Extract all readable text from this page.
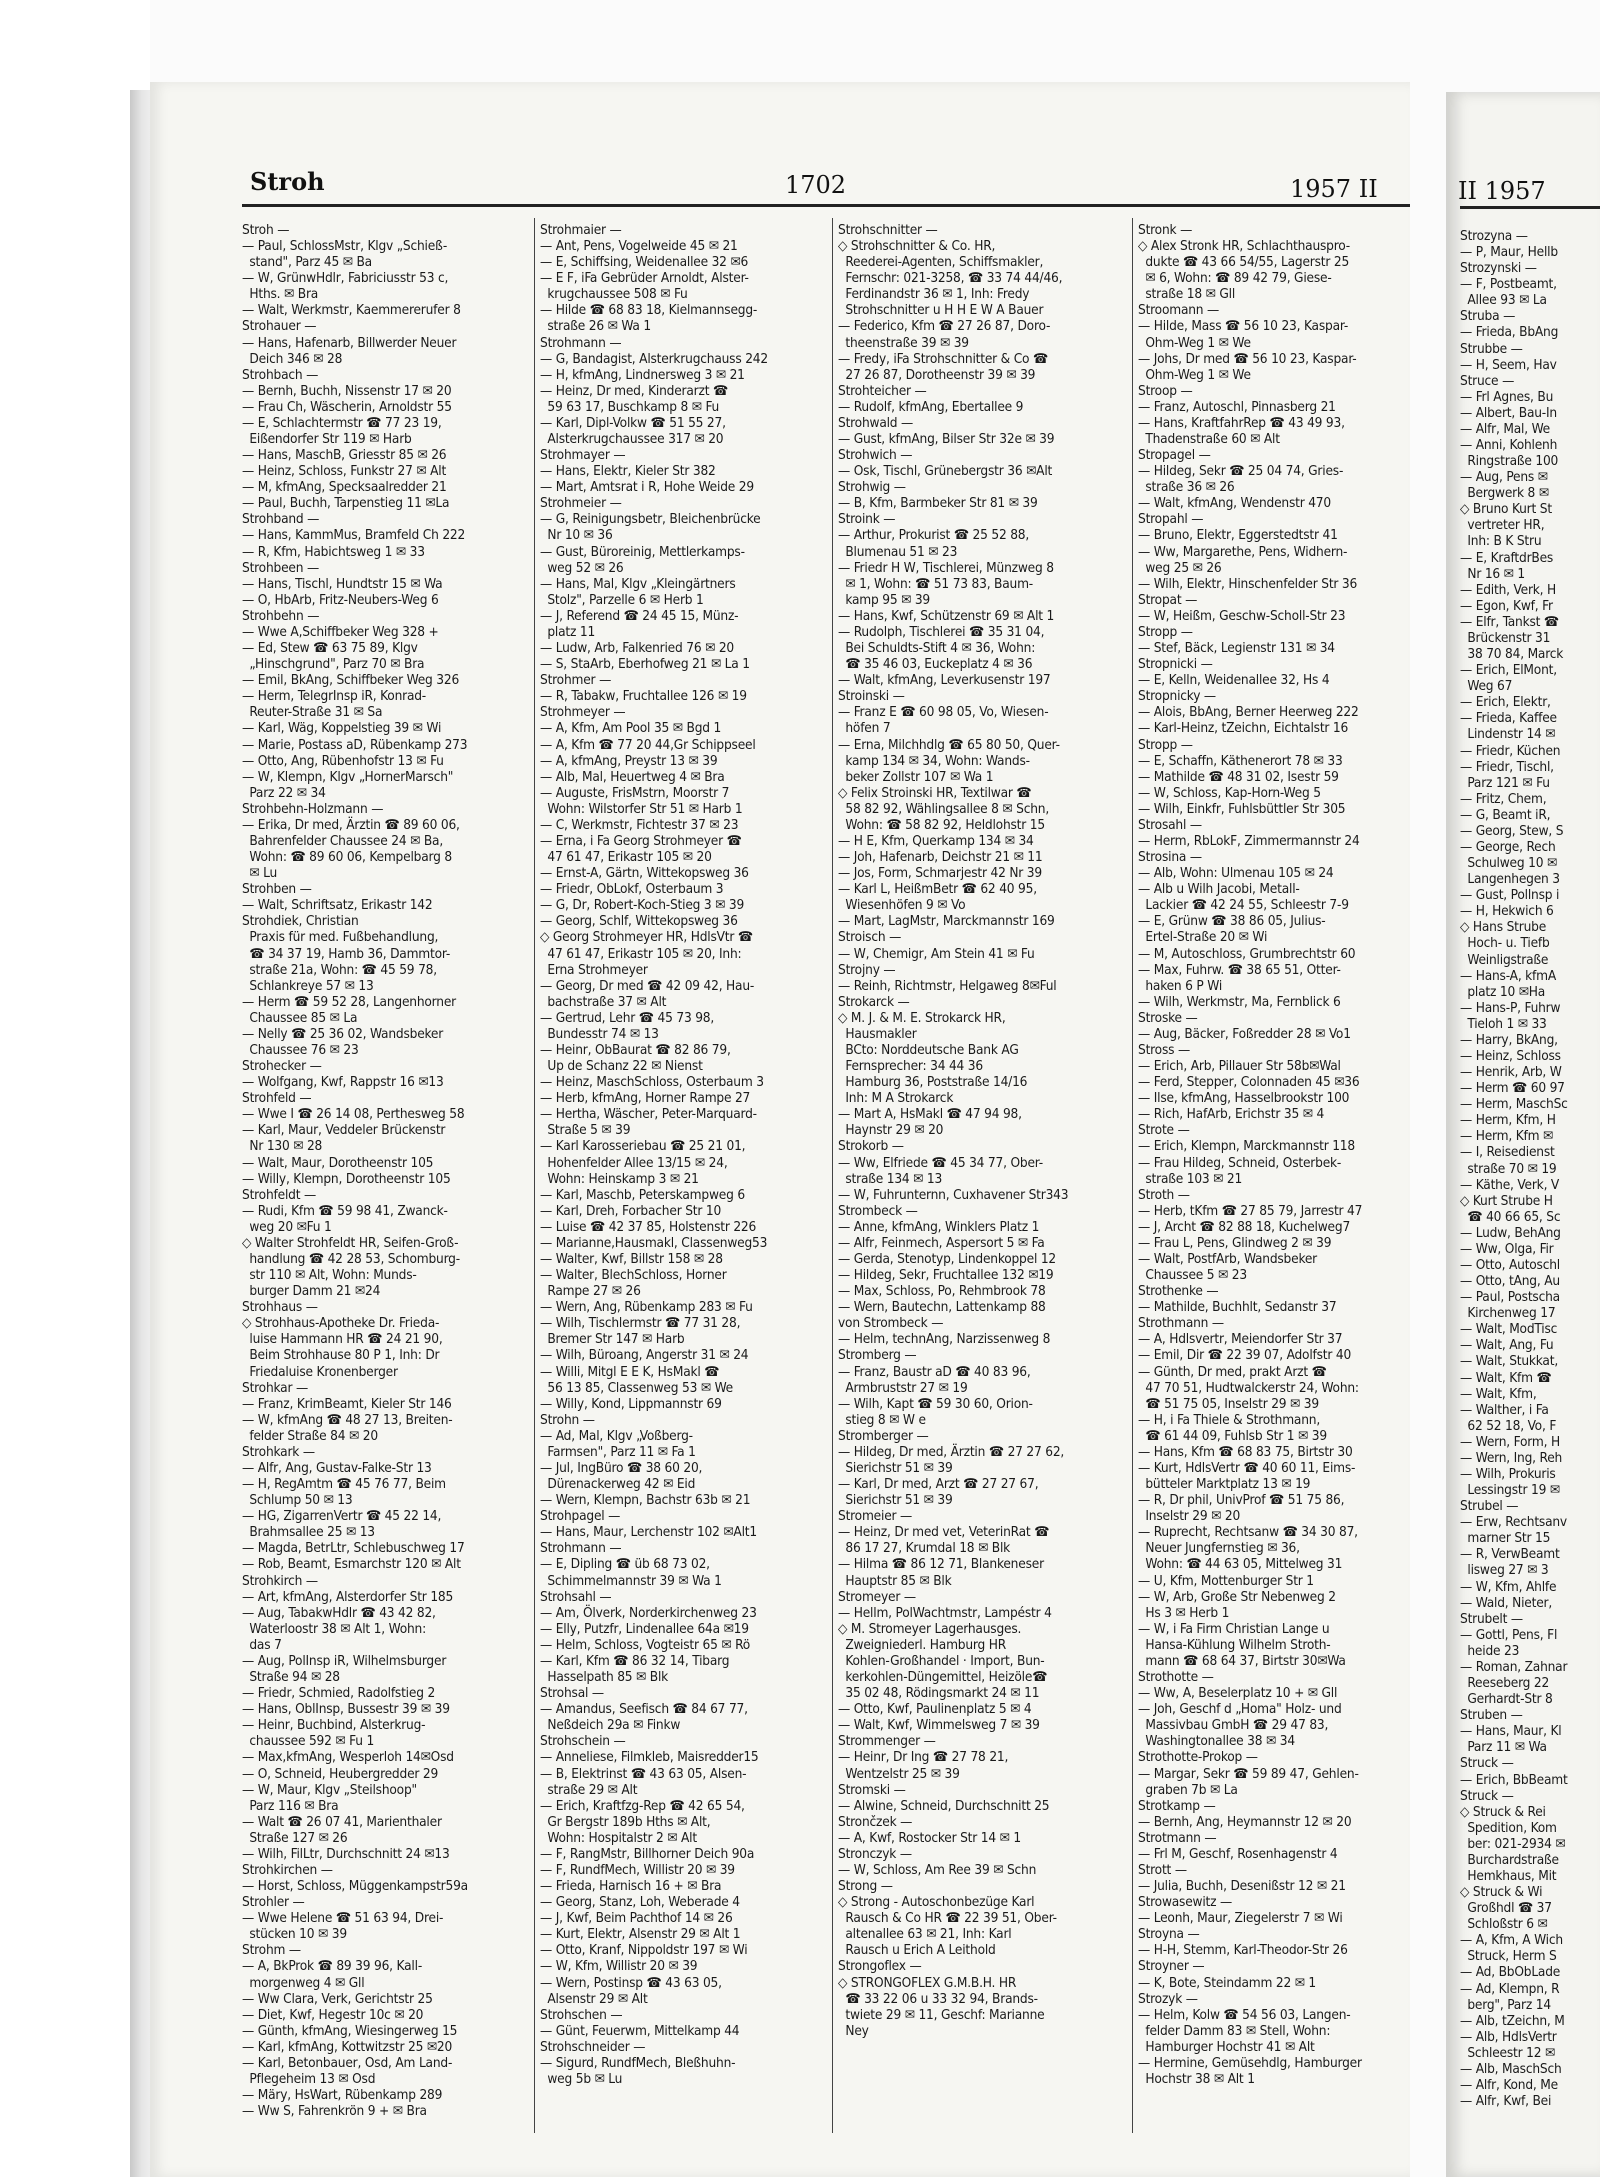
Stroh	1702	1957 II	II 1957
Stroh —
— Paul, SchlossMstr, Klgv „Schieß-
stand", Parz 45 ✉ Ba
— W, GrünwHdlr, Fabriciusstr 53 c,
Hths. ✉ Bra
— Walt, Werkmstr, Kaemmererufer 8
Strohauer —
— Hans, Hafenarb, Billwerder Neuer
Deich 346 ✉ 28
Strohbach —
— Bernh, Buchh, Nissenstr 17 ✉ 20
— Frau Ch, Wäscherin, Arnoldstr 55
— E, Schlachtermstr ☎ 77 23 19,
Eißendorfer Str 119 ✉ Harb
— Hans, MaschB, Griesstr 85 ✉ 26
— Heinz, Schloss, Funkstr 27 ✉ Alt
— M, kfmAng, Specksaalredder 21
— Paul, Buchh, Tarpenstieg 11 ✉La
Strohband —
— Hans, KammMus, Bramfeld Ch 222
— R, Kfm, Habichtsweg 1 ✉ 33
Strohbeen —
— Hans, Tischl, Hundtstr 15 ✉ Wa
— O, HbArb, Fritz-Neubers-Weg 6
Strohbehn —
— Wwe A,Schiffbeker Weg 328 +
— Ed, Stew ☎ 63 75 89, Klgv
„Hinschgrund", Parz 70 ✉ Bra
— Emil, BkAng, Schiffbeker Weg 326
— Herm, TelegrInsp iR, Konrad-
Reuter-Straße 31 ✉ Sa
— Karl, Wäg, Koppelstieg 39 ✉ Wi
— Marie, Postass aD, Rübenkamp 273
— Otto, Ang, Rübenhofstr 13 ✉ Fu
— W, Klempn, Klgv „HornerMarsch"
Parz 22 ✉ 34
Strohbehn-Holzmann —
— Erika, Dr med, Ärztin ☎ 89 60 06,
Bahrenfelder Chaussee 24 ✉ Ba,
Wohn: ☎ 89 60 06, Kempelbarg 8
✉ Lu
Strohben —
— Walt, Schriftsatz, Erikastr 142
Strohdiek, Christian
Praxis für med. Fußbehandlung,
☎ 34 37 19, Hamb 36, Dammtor-
straße 21a, Wohn: ☎ 45 59 78,
Schlankreye 57 ✉ 13
— Herm ☎ 59 52 28, Langenhorner
Chaussee 85 ✉ La
— Nelly ☎ 25 36 02, Wandsbeker
Chaussee 76 ✉ 23
Strohecker —
— Wolfgang, Kwf, Rappstr 16 ✉13
Strohfeld —
— Wwe I ☎ 26 14 08, Perthesweg 58
— Karl, Maur, Veddeler Brückenstr
Nr 130 ✉ 28
— Walt, Maur, Dorotheenstr 105
— Willy, Klempn, Dorotheenstr 105
Strohfeldt —
— Rudi, Kfm ☎ 59 98 41, Zwanck-
weg 20 ✉Fu 1
◇ Walter Strohfeldt HR, Seifen-Groß-
handlung ☎ 42 28 53, Schomburg-
str 110 ✉ Alt, Wohn: Munds-
burger Damm 21 ✉24
Strohhaus —
◇ Strohhaus-Apotheke Dr. Frieda-
luise Hammann HR ☎ 24 21 90,
Beim Strohhause 80 P 1, Inh: Dr
Friedaluise Kronenberger
Strohkar —
— Franz, KrimBeamt, Kieler Str 146
— W, kfmAng ☎ 48 27 13, Breiten-
felder Straße 84 ✉ 20
Strohkark —
— Alfr, Ang, Gustav-Falke-Str 13
— H, RegAmtm ☎ 45 76 77, Beim
Schlump 50 ✉ 13
— HG, ZigarrenVertr ☎ 45 22 14,
Brahmsallee 25 ✉ 13
— Magda, BetrLtr, Schlebuschweg 17
— Rob, Beamt, Esmarchstr 120 ✉ Alt
Strohkirch —
— Art, kfmAng, Alsterdorfer Str 185
— Aug, TabakwHdlr ☎ 43 42 82,
Waterloostr 38 ✉ Alt 1, Wohn:
das 7
— Aug, PolInsp iR, Wilhelmsburger
Straße 94 ✉ 28
— Friedr, Schmied, Radolfstieg 2
— Hans, OblInsp, Bussestr 39 ✉ 39
— Heinr, Buchbind, Alsterkrug-
chaussee 592 ✉ Fu 1
— Max,kfmAng, Wesperloh 14✉Osd
— O, Schneid, Heubergredder 29
— W, Maur, Klgv „Steilshoop"
Parz 116 ✉ Bra
— Walt ☎ 26 07 41, Marienthaler
Straße 127 ✉ 26
— Wilh, FilLtr, Durchschnitt 24 ✉13
Strohkirchen —
— Horst, Schloss, Müggenkampstr59a
Strohler —
— Wwe Helene ☎ 51 63 94, Drei-
stücken 10 ✉ 39
Strohm —
— A, BkProk ☎ 89 39 96, Kall-
morgenweg 4 ✉ Gll
— Ww Clara, Verk, Gerichtstr 25
— Diet, Kwf, Hegestr 10c ✉ 20
— Günth, kfmAng, Wiesingerweg 15
— Karl, kfmAng, Kottwitzstr 25 ✉20
— Karl, Betonbauer, Osd, Am Land-
Pflegeheim 13 ✉ Osd
— Märy, HsWart, Rübenkamp 289
— Ww S, Fahrenkrön 9 + ✉ Bra
Strohmaier —
— Ant, Pens, Vogelweide 45 ✉ 21
— E, Schiffsing, Weidenallee 32 ✉6
— E F, iFa Gebrüder Arnoldt, Alster-
krugchaussee 508 ✉ Fu
— Hilde ☎ 68 83 18, Kielmannsegg-
straße 26 ✉ Wa 1
Strohmann —
— G, Bandagist, Alsterkrugchauss 242
— H, kfmAng, Lindnersweg 3 ✉ 21
— Heinz, Dr med, Kinderarzt ☎
59 63 17, Buschkamp 8 ✉ Fu
— Karl, Dipl-Volkw ☎ 51 55 27,
Alsterkrugchaussee 317 ✉ 20
Strohmayer —
— Hans, Elektr, Kieler Str 382
— Mart, Amtsrat i R, Hohe Weide 29
Strohmeier —
— G, Reinigungsbetr, Bleichenbrücke
Nr 10 ✉ 36
— Gust, Büroreinig, Mettlerkamps-
weg 52 ✉ 26
— Hans, Mal, Klgv „Kleingärtners
Stolz", Parzelle 6 ✉ Herb 1
— J, Referend ☎ 24 45 15, Münz-
platz 11
— Ludw, Arb, Falkenried 76 ✉ 20
— S, StaArb, Eberhofweg 21 ✉ La 1
Strohmer —
— R, Tabakw, Fruchtallee 126 ✉ 19
Strohmeyer —
— A, Kfm, Am Pool 35 ✉ Bgd 1
— A, Kfm ☎ 77 20 44,Gr Schippseel
— A, kfmAng, Preystr 13 ✉ 39
— Alb, Mal, Heuertweg 4 ✉ Bra
— Auguste, FrisMstrn, Moorstr 7
Wohn: Wilstorfer Str 51 ✉ Harb 1
— C, Werkmstr, Fichtestr 37 ✉ 23
— Erna, i Fa Georg Strohmeyer ☎
47 61 47, Erikastr 105 ✉ 20
— Ernst-A, Gärtn, Wittekopsweg 36
— Friedr, ObLokf, Osterbaum 3
— G, Dr, Robert-Koch-Stieg 3 ✉ 39
— Georg, Schlf, Wittekopsweg 36
◇ Georg Strohmeyer HR, HdlsVtr ☎
47 61 47, Erikastr 105 ✉ 20, Inh:
Erna Strohmeyer
— Georg, Dr med ☎ 42 09 42, Hau-
bachstraße 37 ✉ Alt
— Gertrud, Lehr ☎ 45 73 98,
Bundesstr 74 ✉ 13
— Heinr, ObBaurat ☎ 82 86 79,
Up de Schanz 22 ✉ Nienst
— Heinz, MaschSchloss, Osterbaum 3
— Herb, kfmAng, Horner Rampe 27
— Hertha, Wäscher, Peter-Marquard-
Straße 5 ✉ 39
— Karl Karosseriebau ☎ 25 21 01,
Hohenfelder Allee 13/15 ✉ 24,
Wohn: Heinskamp 3 ✉ 21
— Karl, Maschb, Peterskampweg 6
— Karl, Dreh, Forbacher Str 10
— Luise ☎ 42 37 85, Holstenstr 226
— Marianne,Hausmakl, Classenweg53
— Walter, Kwf, Billstr 158 ✉ 28
— Walter, BlechSchloss, Horner
Rampe 27 ✉ 26
— Wern, Ang, Rübenkamp 283 ✉ Fu
— Wilh, Tischlermstr ☎ 77 31 28,
Bremer Str 147 ✉ Harb
— Wilh, Büroang, Angerstr 31 ✉ 24
— Willi, Mitgl E E K, HsMakl ☎
56 13 85, Classenweg 53 ✉ We
— Willy, Kond, Lippmannstr 69
Strohn —
— Ad, Mal, Klgv „Voßberg-
Farmsen", Parz 11 ✉ Fa 1
— Jul, IngBüro ☎ 38 60 20,
Dürenackerweg 42 ✉ Eid
— Wern, Klempn, Bachstr 63b ✉ 21
Strohpagel —
— Hans, Maur, Lerchenstr 102 ✉Alt1
Strohmann —
— E, Dipling ☎ üb 68 73 02,
Schimmelmannstr 39 ✉ Wa 1
Strohsahl —
— Am, Ölverk, Norderkirchenweg 23
— Elly, Putzfr, Lindenallee 64a ✉19
— Helm, Schloss, Vogteistr 65 ✉ Rö
— Karl, Kfm ☎ 86 32 14, Tibarg
Hasselpath 85 ✉ Blk
Strohsal —
— Amandus, Seefisch ☎ 84 67 77,
Neßdeich 29a ✉ Finkw
Strohschein —
— Anneliese, Filmkleb, Maisredder15
— B, Elektrinst ☎ 43 63 05, Alsen-
straße 29 ✉ Alt
— Erich, Kraftfzg-Rep ☎ 42 65 54,
Gr Bergstr 189b Hths ✉ Alt,
Wohn: Hospitalstr 2 ✉ Alt
— F, RangMstr, Billhorner Deich 90a
— F, RundfMech, Willistr 20 ✉ 39
— Frieda, Harnisch 16 + ✉ Bra
— Georg, Stanz, Loh, Weberade 4
— J, Kwf, Beim Pachthof 14 ✉ 26
— Kurt, Elektr, Alsenstr 29 ✉ Alt 1
— Otto, Kranf, Nippoldstr 197 ✉ Wi
— W, Kfm, Willistr 20 ✉ 39
— Wern, Postinsp ☎ 43 63 05,
Alsenstr 29 ✉ Alt
Strohschen —
— Günt, Feuerwm, Mittelkamp 44
Strohschneider —
— Sigurd, RundfMech, Bleßhuhn-
weg 5b ✉ Lu
Strohschnitter —
◇ Strohschnitter & Co. HR,
Reederei-Agenten, Schiffsmakler,
Fernschr: 021-3258, ☎ 33 74 44/46,
Ferdinandstr 36 ✉ 1, Inh: Fredy
Strohschnitter u H H E W A Bauer
— Federico, Kfm ☎ 27 26 87, Doro-
theenstraße 39 ✉ 39
— Fredy, iFa Strohschnitter & Co ☎
27 26 87, Dorotheenstr 39 ✉ 39
Strohteicher —
— Rudolf, kfmAng, Ebertallee 9
Strohwald —
— Gust, kfmAng, Bilser Str 32e ✉ 39
Strohwich —
— Osk, Tischl, Grünebergstr 36 ✉Alt
Strohwig —
— B, Kfm, Barmbeker Str 81 ✉ 39
Stroink —
— Arthur, Prokurist ☎ 25 52 88,
Blumenau 51 ✉ 23
— Friedr H W, Tischlerei, Münzweg 8
✉ 1, Wohn: ☎ 51 73 83, Baum-
kamp 95 ✉ 39
— Hans, Kwf, Schützenstr 69 ✉ Alt 1
— Rudolph, Tischlerei ☎ 35 31 04,
Bei Schuldts-Stift 4 ✉ 36, Wohn:
☎ 35 46 03, Euckeplatz 4 ✉ 36
— Walt, kfmAng, Leverkusenstr 197
Stroinski —
— Franz E ☎ 60 98 05, Vo, Wiesen-
höfen 7
— Erna, Milchhdlg ☎ 65 80 50, Quer-
kamp 134 ✉ 34, Wohn: Wands-
beker Zollstr 107 ✉ Wa 1
◇ Felix Stroinski HR, Textilwar ☎
58 82 92, Wählingsallee 8 ✉ Schn,
Wohn: ☎ 58 82 92, Heldlohstr 15
— H E, Kfm, Querkamp 134 ✉ 34
— Joh, Hafenarb, Deichstr 21 ✉ 11
— Jos, Form, Schmarjestr 42 Nr 39
— Karl L, HeißmBetr ☎ 62 40 95,
Wiesenhöfen 9 ✉ Vo
— Mart, LagMstr, Marckmannstr 169
Stroisch —
— W, Chemigr, Am Stein 41 ✉ Fu
Strojny —
— Reinh, Richtmstr, Helgaweg 8✉Ful
Strokarck —
◇ M. J. & M. E. Strokarck HR,
Hausmakler
BCto: Norddeutsche Bank AG
Fernsprecher: 34 44 36
Hamburg 36, Poststraße 14/16
Inh: M A Strokarck
— Mart A, HsMakl ☎ 47 94 98,
Haynstr 29 ✉ 20
Strokorb —
— Ww, Elfriede ☎ 45 34 77, Ober-
straße 134 ✉ 13
— W, Fuhrunternn, Cuxhavener Str343
Strombeck —
— Anne, kfmAng, Winklers Platz 1
— Alfr, Feinmech, Aspersort 5 ✉ Fa
— Gerda, Stenotyp, Lindenkoppel 12
— Hildeg, Sekr, Fruchtallee 132 ✉19
— Max, Schloss, Po, Rehmbrook 78
— Wern, Bautechn, Lattenkamp 88
von Strombeck —
— Helm, technAng, Narzissenweg 8
Stromberg —
— Franz, Baustr aD ☎ 40 83 96,
Armbruststr 27 ✉ 19
— Wilh, Kapt ☎ 59 30 60, Orion-
stieg 8 ✉ W e
Stromberger —
— Hildeg, Dr med, Ärztin ☎ 27 27 62,
Sierichstr 51 ✉ 39
— Karl, Dr med, Arzt ☎ 27 27 67,
Sierichstr 51 ✉ 39
Stromeier —
— Heinz, Dr med vet, VeterinRat ☎
86 17 27, Krumdal 18 ✉ Blk
— Hilma ☎ 86 12 71, Blankeneser
Hauptstr 85 ✉ Blk
Stromeyer —
— Hellm, PolWachtmstr, Lampéstr 4
◇ M. Stromeyer Lagerhausges.
Zweigniederl. Hamburg HR
Kohlen-Großhandel · Import, Bun-
kerkohlen-Düngemittel, Heizöle☎
35 02 48, Rödingsmarkt 24 ✉ 11
— Otto, Kwf, Paulinenplatz 5 ✉ 4
— Walt, Kwf, Wimmelsweg 7 ✉ 39
Strommenger —
— Heinr, Dr Ing ☎ 27 78 21,
Wentzelstr 25 ✉ 39
Stromski —
— Alwine, Schneid, Durchschnitt 25
Strončzek —
— A, Kwf, Rostocker Str 14 ✉ 1
Stronczyk —
— W, Schloss, Am Ree 39 ✉ Schn
Strong —
◇ Strong - Autoschonbezüge Karl
Rausch & Co HR ☎ 22 39 51, Ober-
altenallee 63 ✉ 21, Inh: Karl
Rausch u Erich A Leithold
Strongoflex —
◇ STRONGOFLEX G.M.B.H. HR
☎ 33 22 06 u 33 32 94, Brands-
twiete 29 ✉ 11, Geschf: Marianne
Ney
Stronk —
◇ Alex Stronk HR, Schlachthauspro-
dukte ☎ 43 66 54/55, Lagerstr 25
✉ 6, Wohn: ☎ 89 42 79, Giese-
straße 18 ✉ Gll
Stroomann —
— Hilde, Mass ☎ 56 10 23, Kaspar-
Ohm-Weg 1 ✉ We
— Johs, Dr med ☎ 56 10 23, Kaspar-
Ohm-Weg 1 ✉ We
Stroop —
— Franz, Autoschl, Pinnasberg 21
— Hans, KraftfahrRep ☎ 43 49 93,
Thadenstraße 60 ✉ Alt
Stropagel —
— Hildeg, Sekr ☎ 25 04 74, Gries-
straße 36 ✉ 26
— Walt, kfmAng, Wendenstr 470
Stropahl —
— Bruno, Elektr, Eggerstedtstr 41
— Ww, Margarethe, Pens, Widhern-
weg 25 ✉ 26
— Wilh, Elektr, Hinschenfelder Str 36
Stropat —
— W, Heißm, Geschw-Scholl-Str 23
Stropp —
— Stef, Bäck, Legienstr 131 ✉ 34
Stropnicki —
— E, Kelln, Weidenallee 32, Hs 4
Stropnicky —
— Alois, BbAng, Berner Heerweg 222
— Karl-Heinz, tZeichn, Eichtalstr 16
Stropp —
— E, Schaffn, Käthenerort 78 ✉ 33
— Mathilde ☎ 48 31 02, Isestr 59
— W, Schloss, Kap-Horn-Weg 5
— Wilh, Einkfr, Fuhlsbüttler Str 305
Strosahl —
— Herm, RbLokF, Zimmermannstr 24
Strosina —
— Alb, Wohn: Ulmenau 105 ✉ 24
— Alb u Wilh Jacobi, Metall-
Lackier ☎ 42 24 55, Schleestr 7-9
— E, Grünw ☎ 38 86 05, Julius-
Ertel-Straße 20 ✉ Wi
— M, Autoschloss, Grumbrechtstr 60
— Max, Fuhrw. ☎ 38 65 51, Otter-
haken 6 P Wi
— Wilh, Werkmstr, Ma, Fernblick 6
Stroske —
— Aug, Bäcker, Foßredder 28 ✉ Vo1
Stross —
— Erich, Arb, Pillauer Str 58b✉Wal
— Ferd, Stepper, Colonnaden 45 ✉36
— Ilse, kfmAng, Hasselbrookstr 100
— Rich, HafArb, Erichstr 35 ✉ 4
Strote —
— Erich, Klempn, Marckmannstr 118
— Frau Hildeg, Schneid, Osterbek-
straße 103 ✉ 21
Stroth —
— Herb, tKfm ☎ 27 85 79, Jarrestr 47
— J, Archt ☎ 82 88 18, Kuchelweg7
— Frau L, Pens, Glindweg 2 ✉ 39
— Walt, PostfArb, Wandsbeker
Chaussee 5 ✉ 23
Strothenke —
— Mathilde, Buchhlt, Sedanstr 37
Strothmann —
— A, Hdlsvertr, Meiendorfer Str 37
— Emil, Dir ☎ 22 39 07, Adolfstr 40
— Günth, Dr med, prakt Arzt ☎
47 70 51, Hudtwalckerstr 24, Wohn:
☎ 51 75 05, Inselstr 29 ✉ 39
— H, i Fa Thiele & Strothmann,
☎ 61 44 09, Fuhlsb Str 1 ✉ 39
— Hans, Kfm ☎ 68 83 75, Birtstr 30
— Kurt, HdlsVertr ☎ 40 60 11, Eims-
bütteler Marktplatz 13 ✉ 19
— R, Dr phil, UnivProf ☎ 51 75 86,
Inselstr 29 ✉ 20
— Ruprecht, Rechtsanw ☎ 34 30 87,
Neuer Jungfernstieg ✉ 36,
Wohn: ☎ 44 63 05, Mittelweg 31
— U, Kfm, Mottenburger Str 1
— W, Arb, Große Str Nebenweg 2
Hs 3 ✉ Herb 1
— W, i Fa Firm Christian Lange u
Hansa-Kühlung Wilhelm Stroth-
mann ☎ 68 64 37, Birtstr 30✉Wa
Strothotte —
— Ww, A, Beselerplatz 10 + ✉ Gll
— Joh, Geschf d „Homa" Holz- und
Massivbau GmbH ☎ 29 47 83,
Washingtonallee 38 ✉ 34
Strothotte-Prokop —
— Margar, Sekr ☎ 59 89 47, Gehlen-
graben 7b ✉ La
Strotkamp —
— Bernh, Ang, Heymannstr 12 ✉ 20
Strotmann —
— Frl M, Geschf, Rosenhagenstr 4
Strott —
— Julia, Buchh, Desenißstr 12 ✉ 21
Strowasewitz —
— Leonh, Maur, Ziegelerstr 7 ✉ Wi
Stroyna —
— H-H, Stemm, Karl-Theodor-Str 26
Stroyner —
— K, Bote, Steindamm 22 ✉ 1
Strozyk —
— Helm, Kolw ☎ 54 56 03, Langen-
felder Damm 83 ✉ Stell, Wohn:
Hamburger Hochstr 41 ✉ Alt
— Hermine, Gemüsehdlg, Hamburger
Hochstr 38 ✉ Alt 1
Strozyna —
— P, Maur, Hellb
Strozynski —
— F, Postbeamt,
Allee 93 ✉ La
Struba —
— Frieda, BbAng
Strubbe —
— H, Seem, Hav
Struce —
— Frl Agnes, Bu
— Albert, Bau-In
— Alfr, Mal, We
— Anni, Kohlenh
Ringstraße 100
— Aug, Pens ✉
Bergwerk 8 ✉
◇ Bruno Kurt St
vertreter HR,
Inh: B K Stru
— E, KraftdrBes
Nr 16 ✉ 1
— Edith, Verk, H
— Egon, Kwf, Fr
— Elfr, Tankst ☎
Brückenstr 31
38 70 84, Marck
— Erich, ElMont,
Weg 67
— Erich, Elektr,
— Frieda, Kaffee
Lindenstr 14 ✉
— Friedr, Küchen
— Friedr, Tischl,
Parz 121 ✉ Fu
— Fritz, Chem,
— G, Beamt iR,
— Georg, Stew, S
— George, Rech
Schulweg 10 ✉
Langenhegen 3
— Gust, Pollnsp i
— H, Hekwich 6
◇ Hans Strube
Hoch- u. Tiefb
Weinligstraße
— Hans-A, kfmA
platz 10 ✉Ha
— Hans-P, Fuhrw
Tieloh 1 ✉ 33
— Harry, BkAng,
— Heinz, Schloss
— Henrik, Arb, W
— Herm ☎ 60 97
— Herm, MaschSc
— Herm, Kfm, H
— Herm, Kfm ✉
— I, Reisedienst
straße 70 ✉ 19
— Käthe, Verk, V
◇ Kurt Strube H
☎ 40 66 65, Sc
— Ludw, BehAng
— Ww, Olga, Fir
— Otto, Autoschl
— Otto, tAng, Au
— Paul, Postscha
Kirchenweg 17
— Walt, ModTisc
— Walt, Ang, Fu
— Walt, Stukkat,
— Walt, Kfm ☎
— Walt, Kfm,
— Walther, i Fa
62 52 18, Vo, F
— Wern, Form, H
— Wern, Ing, Reh
— Wilh, Prokuris
Lessingstr 19 ✉
Strubel —
— Erw, Rechtsanv
marner Str 15
— R, VerwBeamt
lisweg 27 ✉ 3
— W, Kfm, Ahlfe
— Wald, Nieter,
Strubelt —
— Gottl, Pens, Fl
heide 23
— Roman, Zahnar
Reeseberg 22
Gerhardt-Str 8
Struben —
— Hans, Maur, Kl
Parz 11 ✉ Wa
Struck —
— Erich, BbBeamt
Struck —
◇ Struck & Rei
Spedition, Kom
ber: 021-2934 ✉
Burchardstraße
Hemkhaus, Mit
◇ Struck & Wi
Großhdl ☎ 37
Schloßstr 6 ✉
— A, Kfm, A Wich
Struck, Herm S
— Ad, BbObLade
— Ad, Klempn, R
berg", Parz 14
— Alb, tZeichn, M
— Alb, HdlsVertr
Schleestr 12 ✉
— Alb, MaschSch
— Alfr, Kond, Me
— Alfr, Kwf, Bei
